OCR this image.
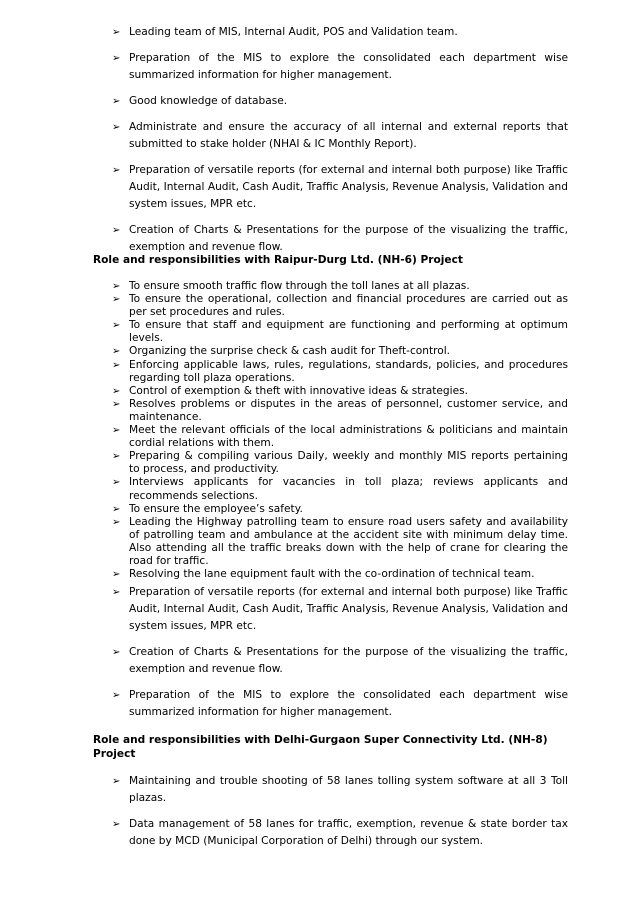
➢ Leading team of MIS, Internal Audit, POS and Validation team.
➢ Preparation of the MIS to explore the consolidated each department wise summarized information for higher management.
➢ Good knowledge of database.
➢ Administrate and ensure the accuracy of all internal and external reports that submitted to stake holder (NHAI & IC Monthly Report).
➢ Preparation of versatile reports (for external and internal both purpose) like Traffic Audit, Internal Audit, Cash Audit, Traffic Analysis, Revenue Analysis, Validation and system issues, MPR etc.
➢ Creation of Charts & Presentations for the purpose of the visualizing the traffic, exemption and revenue flow.
Role and responsibilities with Raipur-Durg Ltd. (NH-6) Project
➢ To ensure smooth traffic flow through the toll lanes at all plazas.
➢ To ensure the operational, collection and financial procedures are carried out as per set procedures and rules.
➢ To ensure that staff and equipment are functioning and performing at optimum levels.
➢ Organizing the surprise check & cash audit for Theft-control.
➢ Enforcing applicable laws, rules, regulations, standards, policies, and procedures regarding toll plaza operations.
➢ Control of exemption & theft with innovative ideas & strategies.
➢ Resolves problems or disputes in the areas of personnel, customer service, and maintenance.
➢ Meet the relevant officials of the local administrations & politicians and maintain cordial relations with them.
➢ Preparing & compiling various Daily, weekly and monthly MIS reports pertaining to process, and productivity.
➢ Interviews applicants for vacancies in toll plaza; reviews applicants and recommends selections.
➢ To ensure the employee’s safety.
➢ Leading the Highway patrolling team to ensure road users safety and availability of patrolling team and ambulance at the accident site with minimum delay time. Also attending all the traffic breaks down with the help of crane for clearing the road for traffic.
➢ Resolving the lane equipment fault with the co-ordination of technical team.
➢ Preparation of versatile reports (for external and internal both purpose) like Traffic Audit, Internal Audit, Cash Audit, Traffic Analysis, Revenue Analysis, Validation and system issues, MPR etc.
➢ Creation of Charts & Presentations for the purpose of the visualizing the traffic, exemption and revenue flow.
➢ Preparation of the MIS to explore the consolidated each department wise summarized information for higher management.
Role and responsibilities with Delhi-Gurgaon Super Connectivity Ltd. (NH-8) Project
➢ Maintaining and trouble shooting of 58 lanes tolling system software at all 3 Toll plazas.
➢ Data management of 58 lanes for traffic, exemption, revenue & state border tax done by MCD (Municipal Corporation of Delhi) through our system.
